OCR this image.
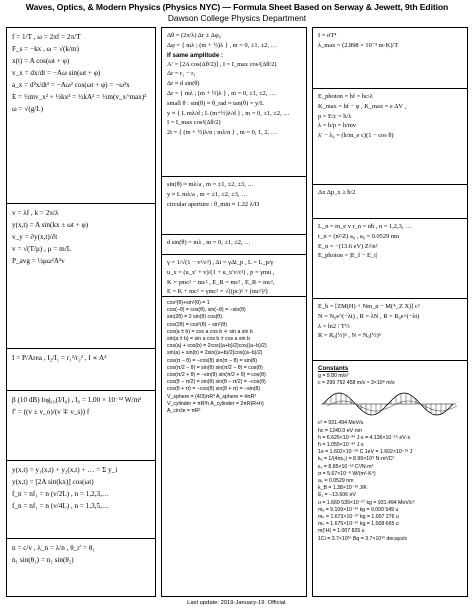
Waves, Optics, & Modern Physics (Physics NYC) — Formula Sheet Based on Serway & Jewett, 9th Edition
Dawson College Physics Department
f = 1/T , ω = 2πf = 2π/T
F_s = −kx , ω = √(k/m)
x(t) = A cos(ωt + φ)
v_x = dx/dt = −Aω sin(ωt + φ)
a_x = d²x/dt² = −Aω² cos(ωt + φ) = −ω²x
E = ½mv_x² + ½kx² = ½kA² = ½m(v_x^max)²
ω = √(g/L)
v = λf , k = 2π/λ
y(x,t) = A sin(kx ± ωt + φ)
v_y = ∂y(x,t)/∂t
v = √(T/μ) , μ = m/L
P_avg = ½μω²A²v
I = P/Area , I₂/I₁ = r₁²/r₂² , I ∝ A²
β (10 dB) log₁₀(I/I₀) , I₀ = 1.00 × 10⁻¹² W/m²
f′ = ((v ± v_o)/(v ∓ v_s)) f
y(x,t) = y₁(x,t) + y₂(x,t) + … = Σ y_i
y(x,t) = [2A sin(kx)] cos(ωt)
f_n = nf₁ = n (v/2L) , n = 1,2,3,…
f_n = nf₁ = n (v/4L) , n = 1,3,5,…
n = c/v , λ_n = λ/n , θ_r′ = θ₁
n₁ sin(θ₁) = n₂ sin(θ₂)
Δθ = (2π/λ) Δr ± Δφ₀
Δφ = { mλ ; (m + ½)λ } , m = 0, ±1, ±2, …
If same amplitude :
A′ = [2A cos(Δθ/2)] , I = I_max cos²(Δθ/2)
Δr = r₂ − r₁
Δr ≈ d sin(θ)
Δr = { mλ ; (m + ½)λ } , m = 0, ±1, ±2, …
small θ : sin(θ) ≈ θ_rad ≈ tan(θ) = y/L
y ≈ { L mλ/d ; L (m+½)λ/d } , m = 0, ±1, ±2, …
I = I_max cos²(Δθ/2)
2t = { (m + ½)λ/n ; mλ/n } , m = 0, 1, 2, …
sin(θ) ≈ mλ/a , m = ±1, ±2, ±3, …
y ≈ L mλ/a , m = ±1, ±2, ±3, …
circular aperture : θ_min ≈ 1.22 λ/D
d sin(θ) = mλ , m = 0, ±1, ±2, …
γ = 1/√(1 − v²/c²) , Δt = γΔt_p , L = L_p/γ
u_x = (u_x′ + v)/(1 + u_x′v/c²) , p = γmu ,
K = γmc² − mc² , E_R = mc² , E_R = mc²,
E = K + mc² = γmc² = √((pc)² + (mc²)²)
cos²(θ)+sin²(θ) = 1
cos(−θ) = cos(θ), sin(−θ) = −sin(θ)
sin(2θ) = 2 sin(θ) cos(θ)
cos(2θ) = cos²(θ) − sin²(θ)
cos(a ± b) = cos a cos b ∓ sin a sin b
sin(a ± b) = sin a cos b ± cos a sin b
cos(a) + cos(b) = 2cos((a+b)/2)cos((a−b)/2)
sin(a) + sin(b) = 2sin((a+b)/2)cos((a−b)/2)
cos(π − θ) = −cos(θ) sin(π − θ) = sin(θ)
cos(π/2 − θ) = sin(θ) sin(π/2 − θ) = cos(θ)
cos(π/2 + θ) = −sin(θ) sin(π/2 + θ) = cos(θ)
cos(θ − π/2) = sin(θ) sin(θ − π/2) = −cos(θ)
cos(θ + π) = −cos(θ) sin(θ + π) = −sin(θ)
V_sphere = (4/3)πR³ A_sphere = 4πR²
V_cylinder = πR²h A_cylinder = 2πR(R+h)
A_circle = πR²
I = σT⁴
λ_max = (2.898 × 10⁻³ m·K)/T
E_photon = hf = hc/λ
K_max = hf − φ , K_max = e ΔV ,
p = E/c = h/λ
λ = h/p = h/mv
λ′ − λ₀ = (h/m_e c)(1 − cos θ)
Δx Δp_x ≥ ħ/2
L_n = m_e v r_n = nħ , n = 1,2,3, …
r_n = (n²/Z) a₀ , a₀ = 0.0529 nm
E_n = −(13.6 eV) Z²/n²
E_photon = |E_f − E_i|
E_b = [ZM(H) + Nm_n − M(ᴬ_Z X)] c²
N = N₀e^(−λt) , R = λN , R = R₀e^(−λt)
λ = ln2 / T½
R = R₀(½)ⁿ , N = N₀(½)ⁿ
Constants
g = 9.80 m/s²
c = 299 792 458 m/s ≈ 3×10⁸ m/s
c² = 931.494 MeV/u
hc = 1240.0 eV·nm
h = 6.626×10⁻³⁴ J·s = 4.136×10⁻¹⁵ eV·s
ħ = 1.055×10⁻³⁴ J·s
1e = 1.602×10⁻¹⁹ C 1eV = 1.602×10⁻¹⁹ J
kₑ = 1/(4πε₀) = 8.99×10⁹ N·m²/C²
ε₀ = 8.85×10⁻¹² C²/N·m²
σ = 5.67×10⁻⁸ W/(m²·K⁴)
a₀ = 0.0529 nm
k_B = 1.38×10⁻²³ J/K
E₁ = −13.606 eV
u = 1.660 539×10⁻²⁷ kg = 931.494 MeV/c²
mₑ = 9.109×10⁻³¹ kg = 0.000 549 u
mₚ = 1.673×10⁻²⁷ kg = 1.007 276 u
mₙ = 1.675×10⁻²⁷ kg = 1.008 665 u
m(¹H) = 1.007 825 u
1Ci = 3.7×10¹⁰ Bq = 3.7×10¹⁰ decays/s
Last update: 2019-January-19. Official.
